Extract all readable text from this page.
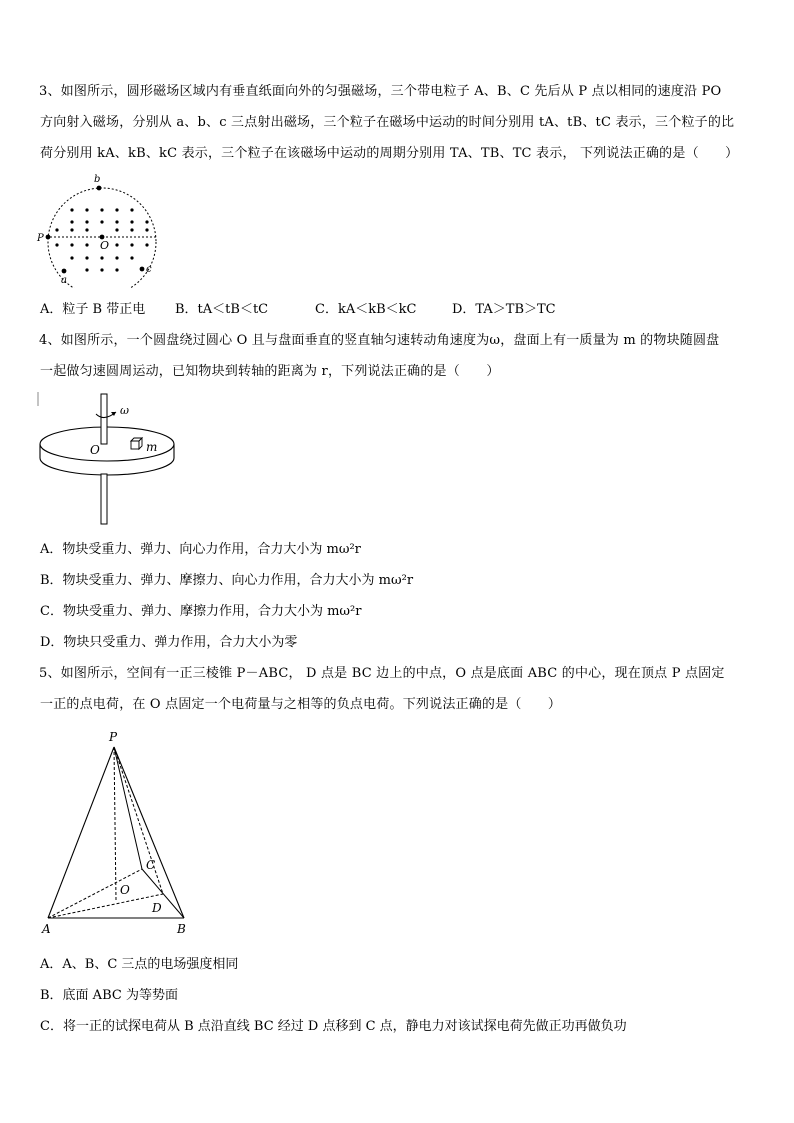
3、如图所示，圆形磁场区域内有垂直纸面向外的匀强磁场，三个带电粒子 A、B、C 先后从 P 点以相同的速度沿 PO
方向射入磁场，分别从 a、b、c 三点射出磁场，三个粒子在磁场中运动的时间分别用 tA、tB、tC 表示，三个粒子的比
荷分别用 kA、kB、kC 表示，三个粒子在该磁场中运动的周期分别用 TA、TB、TC 表示， 下列说法正确的是（　　）
b
P
O
c
a
A．粒子 B 带正电 B．tA＜tB＜tC	C．kA＜kB＜kC	D．TA＞TB＞TC
4、如图所示，一个圆盘绕过圆心 O 且与盘面垂直的竖直轴匀速转动角速度为ω，盘面上有一质量为 m 的物块随圆盘
一起做匀速圆周运动，已知物块到转轴的距离为 r，下列说法正确的是（　　）
ω
O	m
A．物块受重力、弹力、向心力作用，合力大小为 mω²r
B．物块受重力、弹力、摩擦力、向心力作用，合力大小为 mω²r
C．物块受重力、弹力、摩擦力作用，合力大小为 mω²r
D．物块只受重力、弹力作用，合力大小为零
5、如图所示，空间有一正三棱锥 P－ABC， D 点是 BC 边上的中点，O 点是底面 ABC 的中心，现在顶点 P 点固定
一正的点电荷，在 O 点固定一个电荷量与之相等的负点电荷。下列说法正确的是（　　）
P
C
O
D
A	B
A．A、B、C 三点的电场强度相同
B．底面 ABC 为等势面
C．将一正的试探电荷从 B 点沿直线 BC 经过 D 点移到 C 点，静电力对该试探电荷先做正功再做负功
